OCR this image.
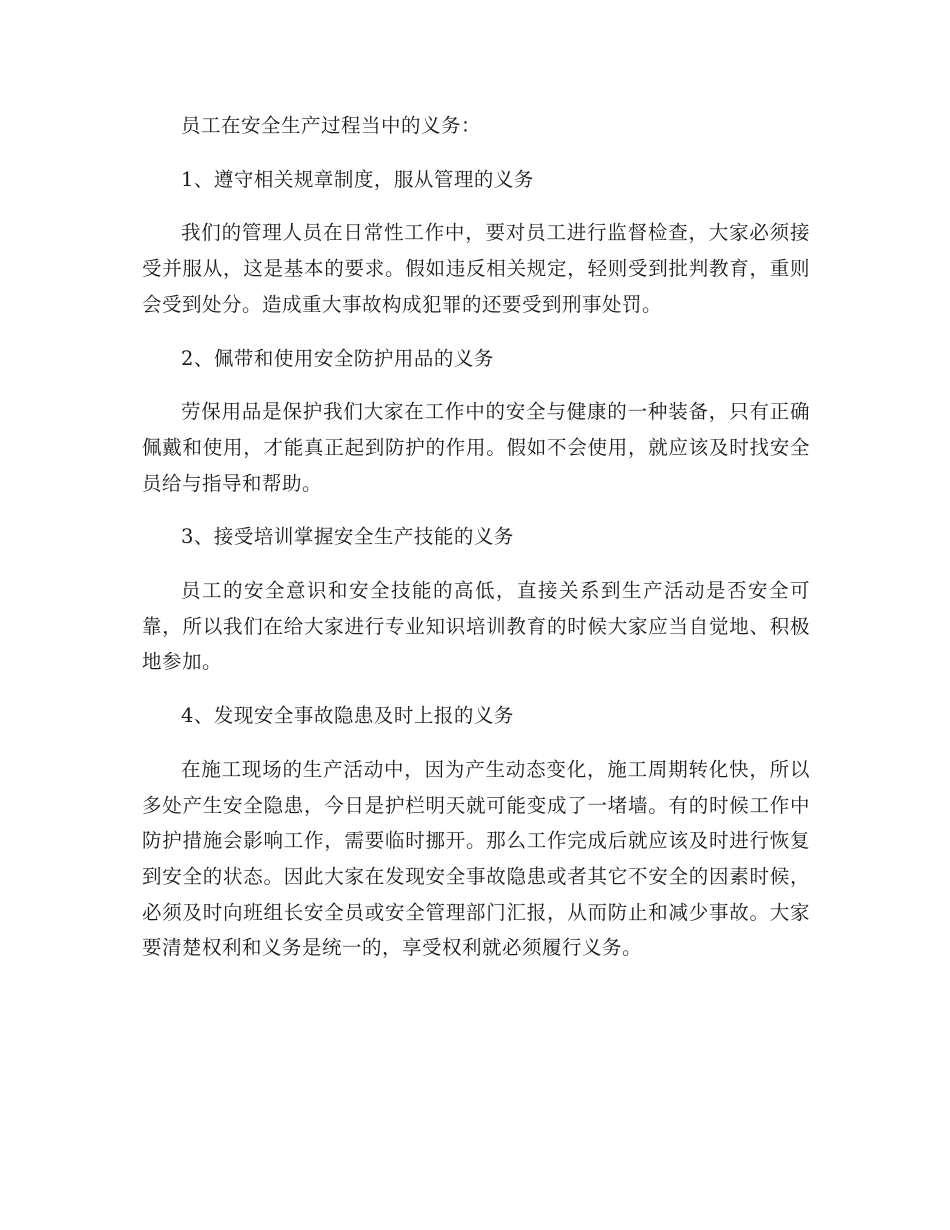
员工在安全生产过程当中的义务：

1、遵守相关规章制度，服从管理的义务

我们的管理人员在日常性工作中，要对员工进行监督检查，大家必须接受并服从，这是基本的要求。假如违反相关规定，轻则受到批判教育，重则会受到处分。造成重大事故构成犯罪的还要受到刑事处罚。

2、佩带和使用安全防护用品的义务

劳保用品是保护我们大家在工作中的安全与健康的一种装备，只有正确佩戴和使用，才能真正起到防护的作用。假如不会使用，就应该及时找安全员给与指导和帮助。

3、接受培训掌握安全生产技能的义务

员工的安全意识和安全技能的高低，直接关系到生产活动是否安全可靠，所以我们在给大家进行专业知识培训教育的时候大家应当自觉地、积极地参加。

4、发现安全事故隐患及时上报的义务

在施工现场的生产活动中，因为产生动态变化，施工周期转化快，所以多处产生安全隐患，今日是护栏明天就可能变成了一堵墙。有的时候工作中防护措施会影响工作，需要临时挪开。那么工作完成后就应该及时进行恢复到安全的状态。因此大家在发现安全事故隐患或者其它不安全的因素时候，必须及时向班组长安全员或安全管理部门汇报，从而防止和减少事故。大家要清楚权利和义务是统一的，享受权利就必须履行义务。
